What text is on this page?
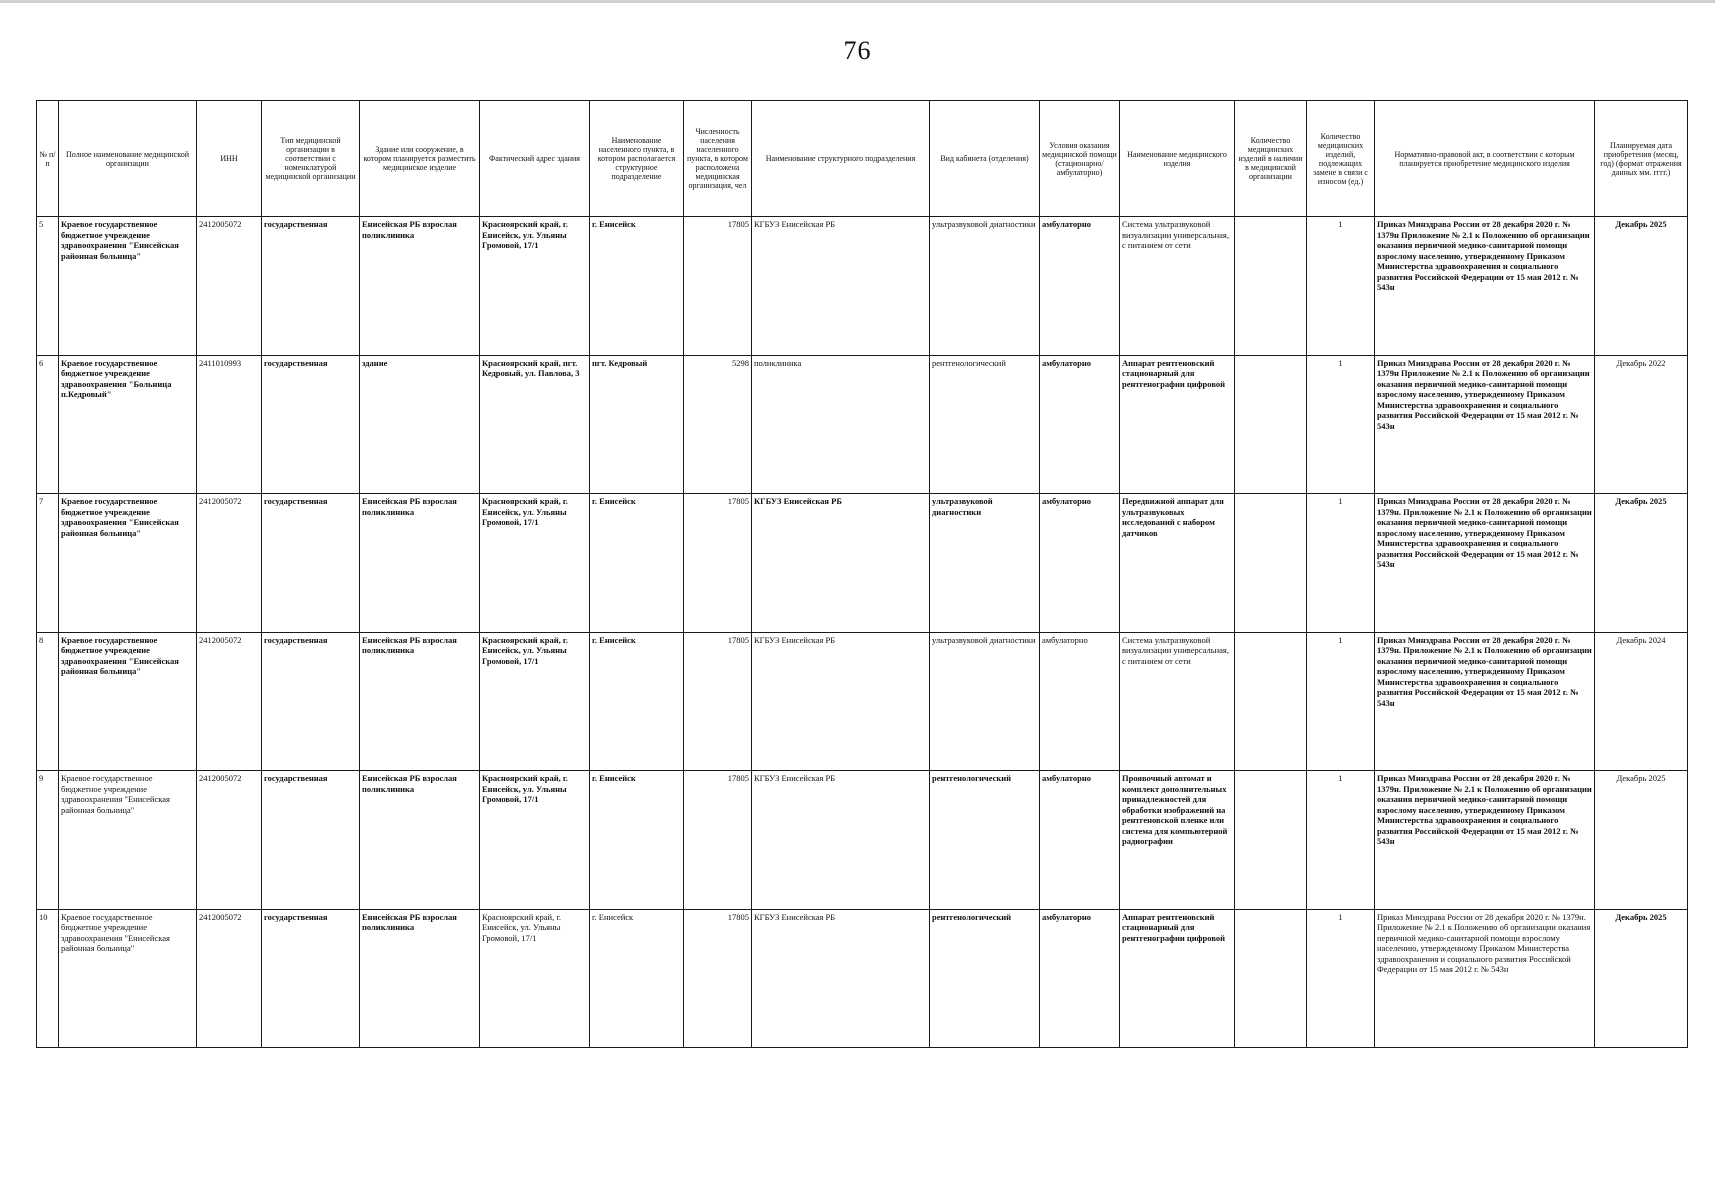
76
№ п/п	Полное наименование медицинской организации	ИНН	Тип медицинской организации в соответствии с номенклатурой медицинской организации	Здание или сооружение, в котором планируется разместить медицинское изделие	Фактический адрес здания	Наименование населенного пункта, в котором располагается структурное подразделение	Численность населения населенного пункта, в котором расположена медицинская организация, чел	Наименование структурного подразделения	Вид кабинета (отделения)	Условия оказания медицинской помощи (стационарно/амбулаторно)	Наименование медицинского изделия	Количество медицинских изделий в наличии в медицинской организации	Количество медицинских изделий, подлежащих замене в связи с износом (ед.)	Нормативно-правовой акт, в соответствии с которым планируется приобретение медицинского изделия	Планируемая дата приобретения (месяц, год) (формат отражения данных мм. гггг.)
5	Краевое государственное бюджетное учреждение здравоохранения "Енисейская районная больница"	2412005072	государственная	Енисейская РБ взрослая поликлиника	Красноярский край, г. Енисейск, ул. Ульяны Громовой, 17/1	г. Енисейск	17805	КГБУЗ Енисейская РБ	ультразвуковой диагностики	амбулаторно	Система ультразвуковой визуализации универсальная, с питанием от сети		1	Приказ Минздрава России от 28 декабря 2020 г. № 1379н Приложение № 2.1 к Положению об организации оказания первичной медико-санитарной помощи взрослому населению, утвержденному Приказом Министерства здравоохранения и социального развития Российской Федерации от 15 мая 2012 г. № 543н	Декабрь 2025
6	Краевое государственное бюджетное учреждение здравоохранения "Больница п.Кедровый"	2411010993	государственная	здание	Красноярский край, пгт. Кедровый, ул. Павлова, 3	пгт. Кедровый	5298	поликлиника	рентгенологический	амбулаторно	Аппарат рентгеновский стационарный для рентгенографии цифровой		1	Приказ Минздрава России от 28 декабря 2020 г. № 1379н Приложение № 2.1 к Положению об организации оказания первичной медико-санитарной помощи взрослому населению, утвержденному Приказом Министерства здравоохранения и социального развития Российской Федерации от 15 мая 2012 г. № 543н	Декабрь 2022
7	Краевое государственное бюджетное учреждение здравоохранения "Енисейская районная больница"	2412005072	государственная	Енисейская РБ взрослая поликлиника	Красноярский край, г. Енисейск, ул. Ульяны Громовой, 17/1	г. Енисейск	17805	КГБУЗ Енисейская РБ	ультразвуковой диагностики	амбулаторно	Передвижной аппарат для ультразвуковых исследований с набором датчиков		1	Приказ Минздрава России от 28 декабря 2020 г. № 1379н. Приложение № 2.1 к Положению об организации оказания первичной медико-санитарной помощи взрослому населению, утвержденному Приказом Министерства здравоохранения и социального развития Российской Федерации от 15 мая 2012 г. № 543н	Декабрь 2025
8	Краевое государственное бюджетное учреждение здравоохранения "Енисейская районная больница"	2412005072	государственная	Енисейская РБ взрослая поликлиника	Красноярский край, г. Енисейск, ул. Ульяны Громовой, 17/1	г. Енисейск	17805	КГБУЗ Енисейская РБ	ультразвуковой диагностики	амбулаторно	Система ультразвуковой визуализации универсальная, с питанием от сети		1	Приказ Минздрава России от 28 декабря 2020 г. № 1379н. Приложение № 2.1 к Положению об организации оказания первичной медико-санитарной помощи взрослому населению, утвержденному Приказом Министерства здравоохранения и социального развития Российской Федерации от 15 мая 2012 г. № 543н	Декабрь 2024
9	Краевое государственное бюджетное учреждение здравоохранения "Енисейская районная больница"	2412005072	государственная	Енисейская РБ взрослая поликлиника	Красноярский край, г. Енисейск, ул. Ульяны Громовой, 17/1	г. Енисейск	17805	КГБУЗ Енисейская РБ	рентгенологический	амбулаторно	Проявочный автомат и комплект дополнительных принадлежностей для обработки изображений на рентгеновской пленке или система для компьютерной радиографии		1	Приказ Минздрава России от 28 декабря 2020 г. № 1379н. Приложение № 2.1 к Положению об организации оказания первичной медико-санитарной помощи взрослому населению, утвержденному Приказом Министерства здравоохранения и социального развития Российской Федерации от 15 мая 2012 г. № 543н	Декабрь 2025
10	Краевое государственное бюджетное учреждение здравоохранения "Енисейская районная больница"	2412005072	государственная	Енисейская РБ взрослая поликлиника	Красноярский край, г. Енисейск, ул. Ульяны Громовой, 17/1	г. Енисейск	17805	КГБУЗ Енисейская РБ	рентгенологический	амбулаторно	Аппарат рентгеновский стационарный для рентгенографии цифровой		1	Приказ Минздрава России от 28 декабря 2020 г. № 1379н. Приложение № 2.1 к Положению об организации оказания первичной медико-санитарной помощи взрослому населению, утвержденному Приказом Министерства здравоохранения и социального развития Российской Федерации от 15 мая 2012 г. № 543н	Декабрь 2025
